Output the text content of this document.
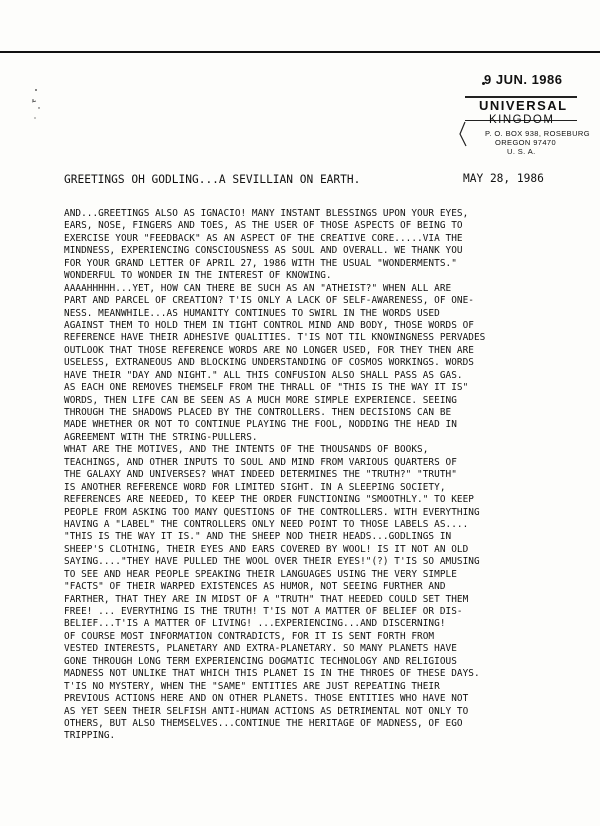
9 JUN. 1986
UNIVERSAL
KINGDOM
P. O. BOX 938, ROSEBURG
OREGON 97470
U. S. A.
GREETINGS OH GODLING...A SEVILLIAN ON EARTH.	MAY 28, 1986
AND...GREETINGS ALSO AS IGNACIO! MANY INSTANT BLESSINGS UPON YOUR EYES,
EARS, NOSE, FINGERS AND TOES, AS THE USER OF THOSE ASPECTS OF BEING TO
EXERCISE YOUR "FEEDBACK" AS AN ASPECT OF THE CREATIVE CORE.....VIA THE
MINDNESS, EXPERIENCING CONSCIOUSNESS AS SOUL AND OVERALL. WE THANK YOU
FOR YOUR GRAND LETTER OF APRIL 27, 1986 WITH THE USUAL "WONDERMENTS."
WONDERFUL TO WONDER IN THE INTEREST OF KNOWING.
AAAAHHHHH...YET, HOW CAN THERE BE SUCH AS AN "ATHEIST?" WHEN ALL ARE
PART AND PARCEL OF CREATION? T'IS ONLY A LACK OF SELF-AWARENESS, OF ONE-
NESS. MEANWHILE...AS HUMANITY CONTINUES TO SWIRL IN THE WORDS USED
AGAINST THEM TO HOLD THEM IN TIGHT CONTROL MIND AND BODY, THOSE WORDS OF
REFERENCE HAVE THEIR ADHESIVE QUALITIES. T'IS NOT TIL KNOWINGNESS PERVADES
OUTLOOK THAT THOSE REFERENCE WORDS ARE NO LONGER USED, FOR THEY THEN ARE
USELESS, EXTRANEOUS AND BLOCKING UNDERSTANDING OF COSMOS WORKINGS. WORDS
HAVE THEIR "DAY AND NIGHT." ALL THIS CONFUSION ALSO SHALL PASS AS GAS.
AS EACH ONE REMOVES THEMSELF FROM THE THRALL OF "THIS IS THE WAY IT IS"
WORDS, THEN LIFE CAN BE SEEN AS A MUCH MORE SIMPLE EXPERIENCE. SEEING
THROUGH THE SHADOWS PLACED BY THE CONTROLLERS. THEN DECISIONS CAN BE
MADE WHETHER OR NOT TO CONTINUE PLAYING THE FOOL, NODDING THE HEAD IN
AGREEMENT WITH THE STRING-PULLERS.
WHAT ARE THE MOTIVES, AND THE INTENTS OF THE THOUSANDS OF BOOKS,
TEACHINGS, AND OTHER INPUTS TO SOUL AND MIND FROM VARIOUS QUARTERS OF
THE GALAXY AND UNIVERSES? WHAT INDEED DETERMINES THE "TRUTH?" "TRUTH"
IS ANOTHER REFERENCE WORD FOR LIMITED SIGHT. IN A SLEEPING SOCIETY,
REFERENCES ARE NEEDED, TO KEEP THE ORDER FUNCTIONING "SMOOTHLY." TO KEEP
PEOPLE FROM ASKING TOO MANY QUESTIONS OF THE CONTROLLERS. WITH EVERYTHING
HAVING A "LABEL" THE CONTROLLERS ONLY NEED POINT TO THOSE LABELS AS....
"THIS IS THE WAY IT IS." AND THE SHEEP NOD THEIR HEADS...GODLINGS IN
SHEEP'S CLOTHING, THEIR EYES AND EARS COVERED BY WOOL! IS IT NOT AN OLD
SAYING...."THEY HAVE PULLED THE WOOL OVER THEIR EYES!"(?) T'IS SO AMUSING
TO SEE AND HEAR PEOPLE SPEAKING THEIR LANGUAGES USING THE VERY SIMPLE
"FACTS" OF THEIR WARPED EXISTENCES AS HUMOR, NOT SEEING FURTHER AND
FARTHER, THAT THEY ARE IN MIDST OF A "TRUTH" THAT HEEDED COULD SET THEM
FREE! ... EVERYTHING IS THE TRUTH! T'IS NOT A MATTER OF BELIEF OR DIS-
BELIEF...T'IS A MATTER OF LIVING! ...EXPERIENCING...AND DISCERNING!
OF COURSE MOST INFORMATION CONTRADICTS, FOR IT IS SENT FORTH FROM
VESTED INTERESTS, PLANETARY AND EXTRA-PLANETARY. SO MANY PLANETS HAVE
GONE THROUGH LONG TERM EXPERIENCING DOGMATIC TECHNOLOGY AND RELIGIOUS
MADNESS NOT UNLIKE THAT WHICH THIS PLANET IS IN THE THROES OF THESE DAYS.
T'IS NO MYSTERY, WHEN THE "SAME" ENTITIES ARE JUST REPEATING THEIR
PREVIOUS ACTIONS HERE AND ON OTHER PLANETS. THOSE ENTITIES WHO HAVE NOT
AS YET SEEN THEIR SELFISH ANTI-HUMAN ACTIONS AS DETRIMENTAL NOT ONLY TO
OTHERS, BUT ALSO THEMSELVES...CONTINUE THE HERITAGE OF MADNESS, OF EGO
TRIPPING.
